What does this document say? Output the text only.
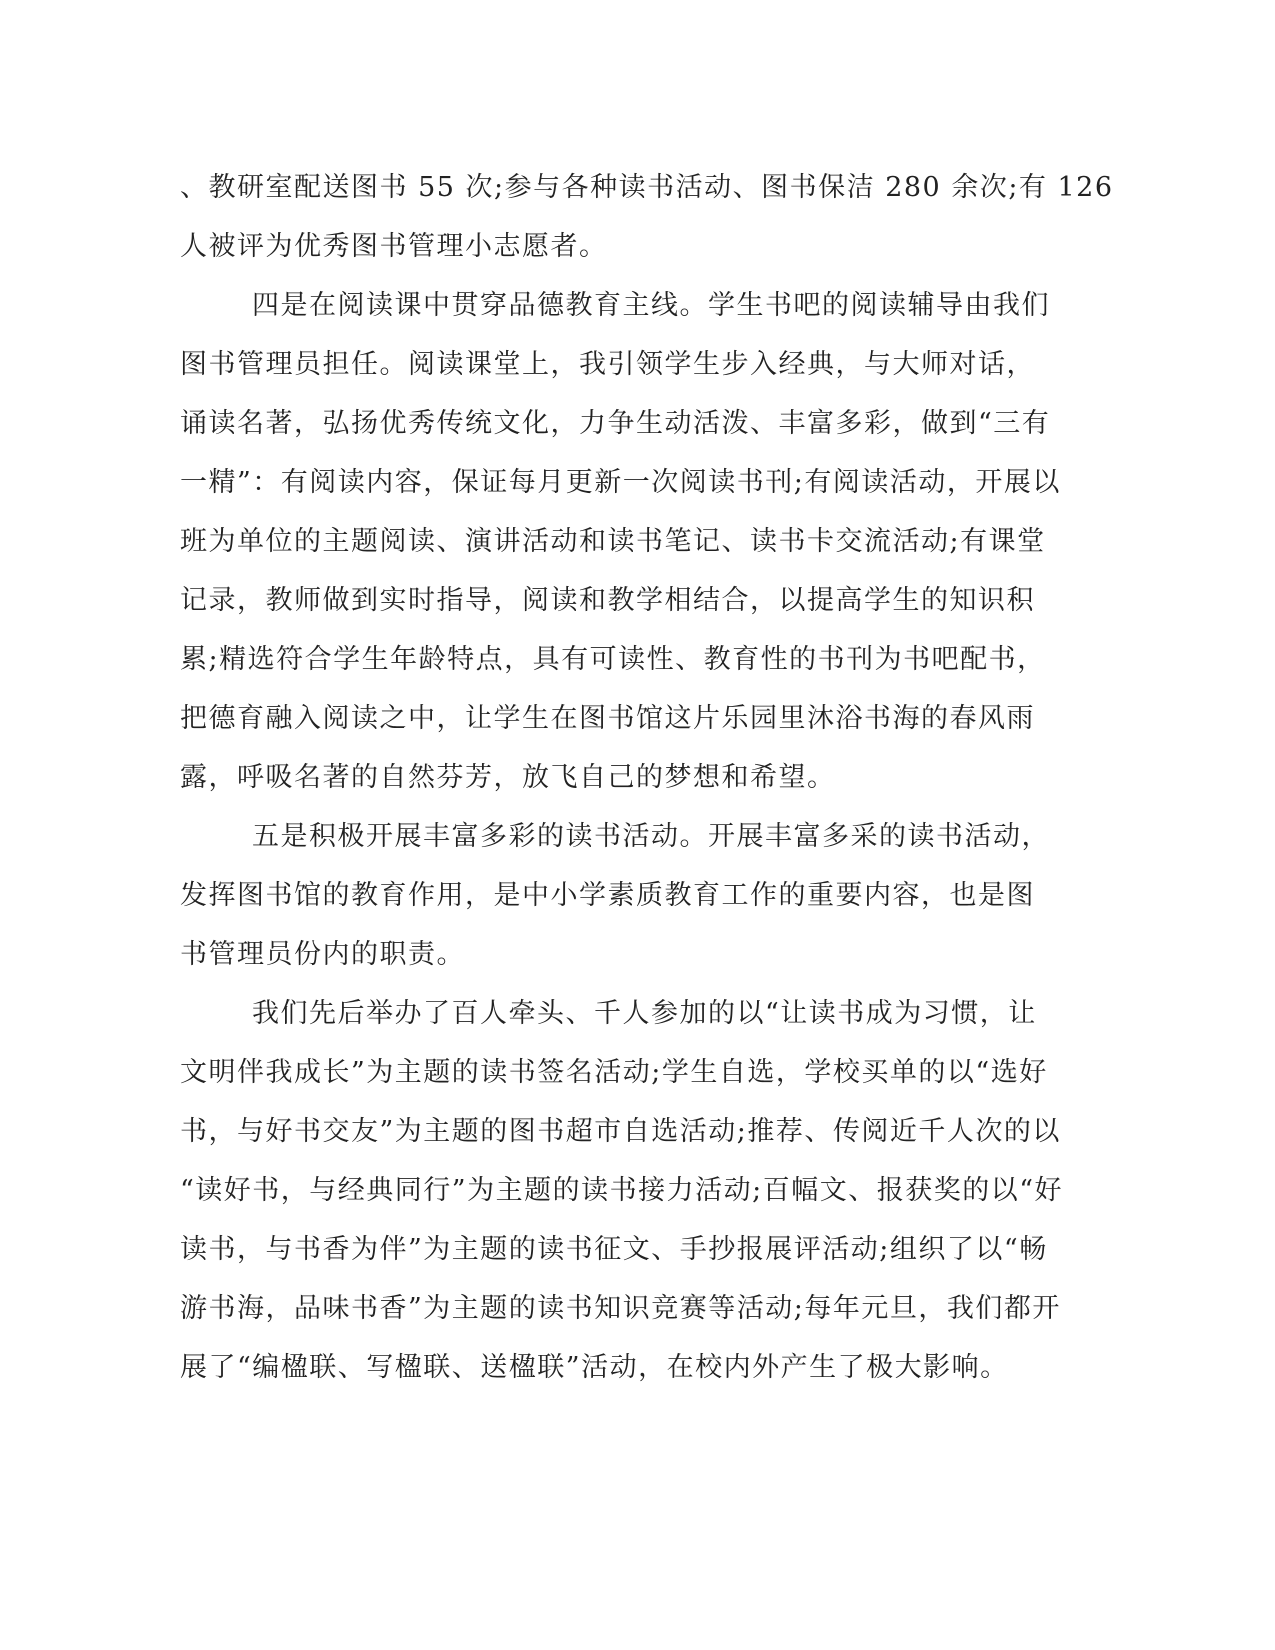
、教研室配送图书 55 次;参与各种读书活动、图书保洁 280 余次;有 126
人被评为优秀图书管理小志愿者。

四是在阅读课中贯穿品德教育主线。学生书吧的阅读辅导由我们
图书管理员担任。阅读课堂上，我引领学生步入经典，与大师对话，
诵读名著，弘扬优秀传统文化，力争生动活泼、丰富多彩，做到“三有
一精”：有阅读内容，保证每月更新一次阅读书刊;有阅读活动，开展以
班为单位的主题阅读、演讲活动和读书笔记、读书卡交流活动;有课堂
记录，教师做到实时指导，阅读和教学相结合，以提高学生的知识积
累;精选符合学生年龄特点，具有可读性、教育性的书刊为书吧配书，
把德育融入阅读之中，让学生在图书馆这片乐园里沐浴书海的春风雨
露，呼吸名著的自然芬芳，放飞自己的梦想和希望。

五是积极开展丰富多彩的读书活动。开展丰富多采的读书活动，
发挥图书馆的教育作用，是中小学素质教育工作的重要内容，也是图
书管理员份内的职责。

我们先后举办了百人牵头、千人参加的以“让读书成为习惯，让
文明伴我成长”为主题的读书签名活动;学生自选，学校买单的以“选好
书，与好书交友”为主题的图书超市自选活动;推荐、传阅近千人次的以
“读好书，与经典同行”为主题的读书接力活动;百幅文、报获奖的以“好
读书，与书香为伴”为主题的读书征文、手抄报展评活动;组织了以“畅
游书海，品味书香”为主题的读书知识竞赛等活动;每年元旦，我们都开
展了“编楹联、写楹联、送楹联”活动，在校内外产生了极大影响。
